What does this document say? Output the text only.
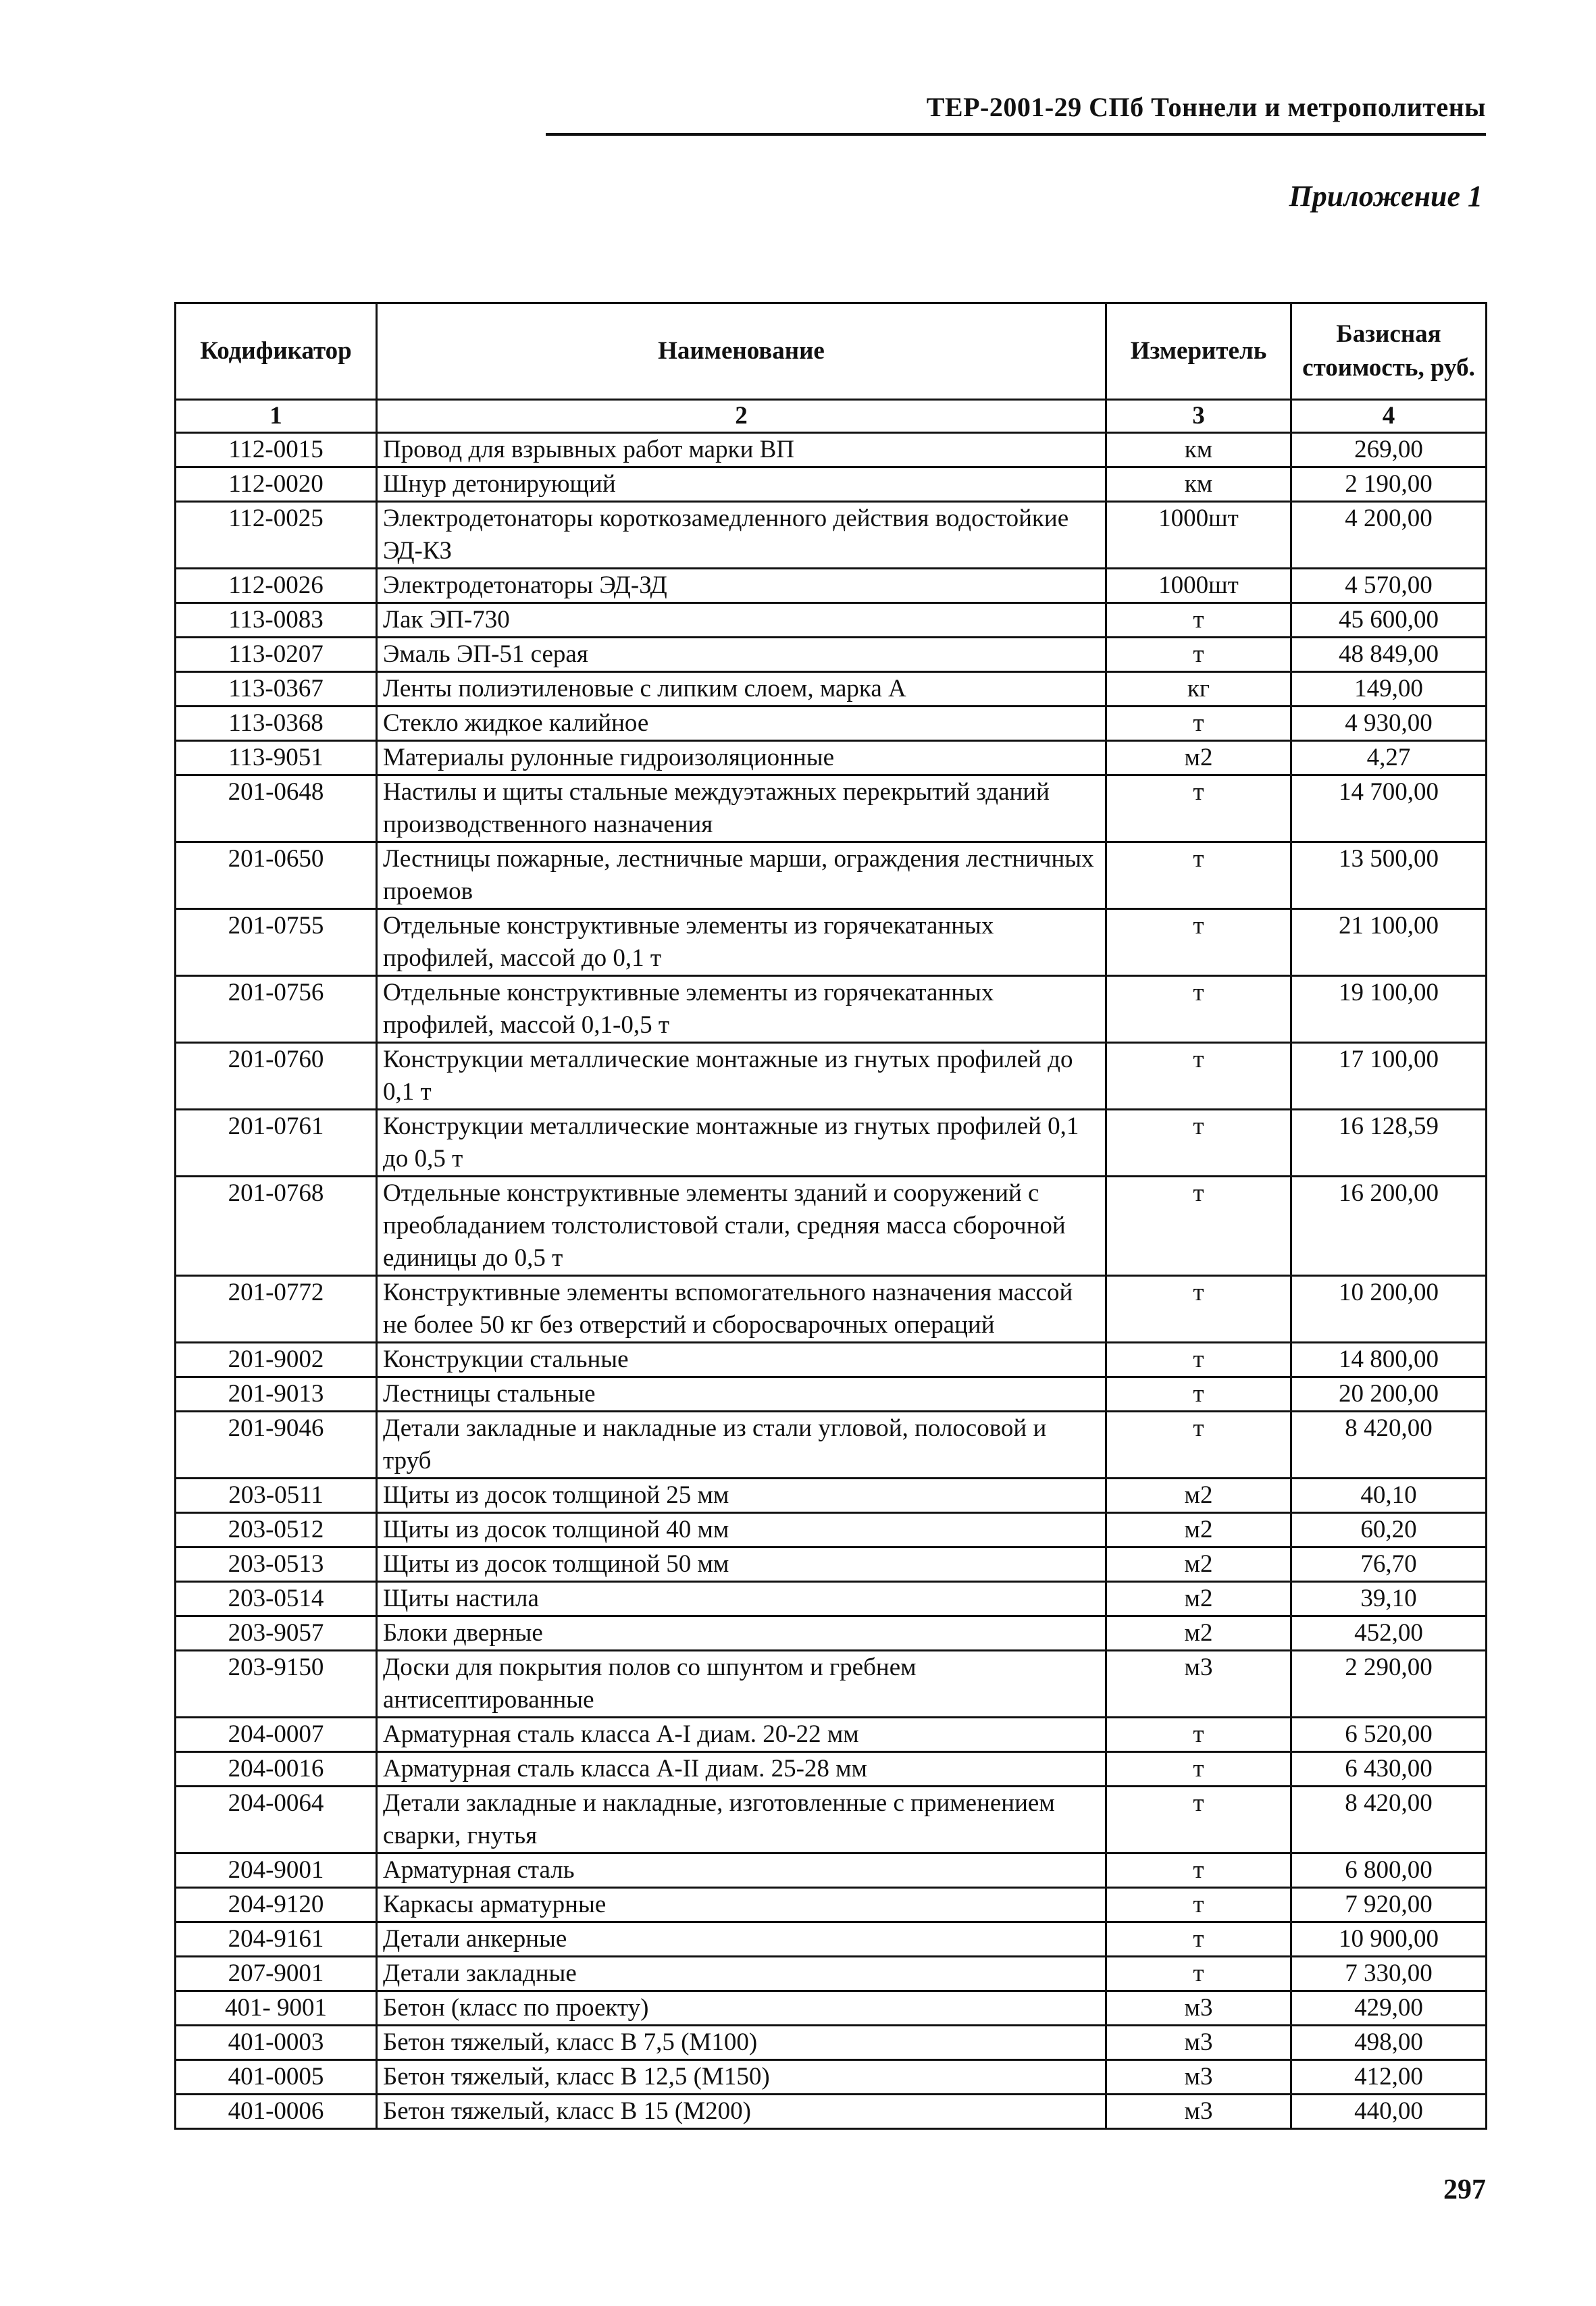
ТЕР-2001-29 СПб Тоннели и метрополитены
Приложение 1
Кодификатор	Наименование	Измеритель	Базисная стоимость, руб.
1	2	3	4
112-0015	Провод для взрывных работ марки ВП	км	269,00
112-0020	Шнур детонирующий	км	2 190,00
112-0025	Электродетонаторы короткозамедленного действия водостойкие ЭД-КЗ	1000шт	4 200,00
112-0026	Электродетонаторы ЭД-ЗД	1000шт	4 570,00
113-0083	Лак ЭП-730	т	45 600,00
113-0207	Эмаль ЭП-51 серая	т	48 849,00
113-0367	Ленты полиэтиленовые с липким слоем, марка А	кг	149,00
113-0368	Стекло жидкое калийное	т	4 930,00
113-9051	Материалы рулонные гидроизоляционные	м2	4,27
201-0648	Настилы и щиты стальные междуэтажных перекрытий зданий производственного назначения	т	14 700,00
201-0650	Лестницы пожарные, лестничные марши, ограждения лестничных проемов	т	13 500,00
201-0755	Отдельные конструктивные элементы из горячекатанных профилей, массой до 0,1 т	т	21 100,00
201-0756	Отдельные конструктивные элементы из горячекатанных профилей, массой 0,1-0,5 т	т	19 100,00
201-0760	Конструкции металлические монтажные из гнутых профилей до 0,1 т	т	17 100,00
201-0761	Конструкции металлические монтажные из гнутых профилей 0,1 до 0,5 т	т	16 128,59
201-0768	Отдельные конструктивные элементы зданий и сооружений с преобладанием толстолистовой стали, средняя масса сборочной единицы до 0,5 т	т	16 200,00
201-0772	Конструктивные элементы вспомогательного назначения массой не более 50 кг без отверстий и сборосварочных операций	т	10 200,00
201-9002	Конструкции стальные	т	14 800,00
201-9013	Лестницы стальные	т	20 200,00
201-9046	Детали закладные и накладные из стали угловой, полосовой и труб	т	8 420,00
203-0511	Щиты из досок толщиной 25 мм	м2	40,10
203-0512	Щиты из досок толщиной 40 мм	м2	60,20
203-0513	Щиты из досок толщиной 50 мм	м2	76,70
203-0514	Щиты настила	м2	39,10
203-9057	Блоки дверные	м2	452,00
203-9150	Доски для покрытия полов со шпунтом и гребнем антисептированные	м3	2 290,00
204-0007	Арматурная сталь класса А-I диам. 20-22 мм	т	6 520,00
204-0016	Арматурная сталь класса А-II диам. 25-28 мм	т	6 430,00
204-0064	Детали закладные и накладные, изготовленные с применением сварки, гнутья	т	8 420,00
204-9001	Арматурная сталь	т	6 800,00
204-9120	Каркасы арматурные	т	7 920,00
204-9161	Детали анкерные	т	10 900,00
207-9001	Детали закладные	т	7 330,00
401- 9001	Бетон (класс по проекту)	м3	429,00
401-0003	Бетон тяжелый, класс В 7,5 (М100)	м3	498,00
401-0005	Бетон тяжелый, класс В 12,5 (М150)	м3	412,00
401-0006	Бетон тяжелый, класс В 15 (М200)	м3	440,00
297
